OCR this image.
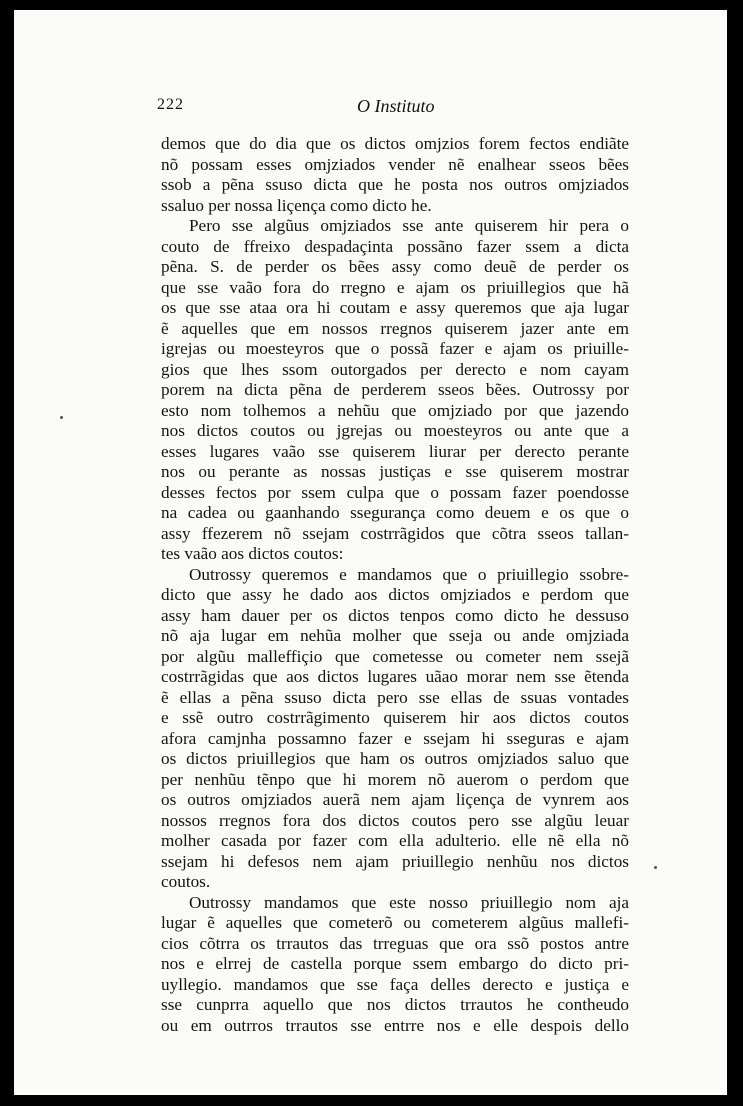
222	O Instituto
demos que do dia que os dictos omjzios forem fectos endiãte
nõ possam esses omjziados vender nẽ enalhear sseos bẽes
ssob a pẽna ssuso dicta que he posta nos outros omjziados
ssaluo per nossa liçença como dicto he.
Pero sse algũus omjziados sse ante quiserem hir pera o
couto de ffreixo despadaçinta possãno fazer ssem a dicta
pẽna. S. de perder os bẽes assy como deuẽ de perder os
que sse vaão fora do rregno e ajam os priuillegios que hã
os que sse ataa ora hi coutam e assy queremos que aja lugar
ẽ aquelles que em nossos rregnos quiserem jazer ante em
igrejas ou moesteyros que o possã fazer e ajam os priuille-
gios que lhes ssom outorgados per derecto e nom cayam
porem na dicta pẽna de perderem sseos bẽes. Outrossy por
esto nom tolhemos a nehũu que omjziado por que jazendo
nos dictos coutos ou jgrejas ou moesteyros ou ante que a
esses lugares vaão sse quiserem liurar per derecto perante
nos ou perante as nossas justiças e sse quiserem mostrar
desses fectos por ssem culpa que o possam fazer poendosse
na cadea ou gaanhando sseguranҫa como deuem e os que o
assy ffezerem nõ ssejam costrrãgidos que cõtra sseos tallan-
tes vaão aos dictos coutos:
Outrossy queremos e mandamos que o priuillegio ssobre-
dicto que assy he dado aos dictos omjziados e perdom que
assy ham dauer per os dictos tenpos como dicto he dessuso
nõ aja lugar em nehũa molher que sseja ou ande omjziada
por algũu malleffiçio que cometesse ou cometer nem ssejã
costrrãgidas que aos dictos lugares uãao morar nem sse ẽtenda
ẽ ellas a pẽna ssuso dicta pero sse ellas de ssuas vontades
e ssẽ outro costrrãgimento quiserem hir aos dictos coutos
afora camjnha possamno fazer e ssejam hi sseguras e ajam
os dictos priuillegios que ham os outros omjziados saluo que
per nenhũu tẽnpo que hi morem nõ auerom o perdom que
os outros omjziados auerã nem ajam liçença de vynrem aos
nossos rregnos fora dos dictos coutos pero sse algũu leuar
molher casada por fazer com ella adulterio. elle nẽ ella nõ
ssejam hi defesos nem ajam priuillegio nenhũu nos dictos
coutos.
Outrossy mandamos que este nosso priuillegio nom aja
lugar ẽ aquelles que cometerõ ou cometerem algũus mallefi-
cios cõtrra os trrautos das trreguas que ora ssõ postos antre
nos e elrrej de castella porque ssem embargo do dicto pri-
uyllegio. mandamos que sse faça delles derecto e justiça e
sse cunprra aquello que nos dictos trrautos he contheudo
ou em outrros trrautos sse entrre nos e elle despois dello
